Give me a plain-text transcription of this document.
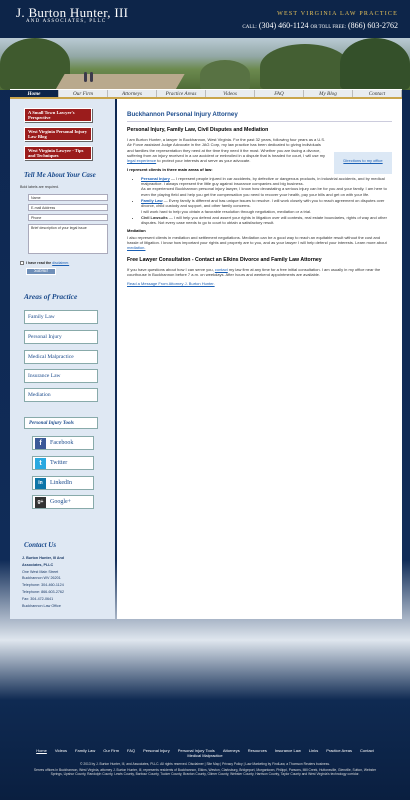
J. Burton Hunter, III
AND ASSOCIATES, PLLC
WEST VIRGINIA LAW PRACTICE
CALL: (304) 460-1124 OR TOLL FREE: (866) 603-2762
Home	Our Firm	Attorneys	Practice Areas	Videos	FAQ	My Blog	Contact
A Small Town Lawyer's Perspective
West Virginia Personal Injury Law Blog
West Virginia Lawyer - Tips and Techniques
Tell Me About Your Case
Bold labels are required.
Name
E-mail Address
Phone
Brief description of your legal issue
I have read the
disclaimer.
Submit
Areas of Practice
Family Law
Personal Injury
Medical Malpractice
Insurance Law
Mediation
Personal Injury Tools
f	Facebook
t	Twitter
in	LinkedIn
g+	Google+
Contact Us
J. Burton Hunter, III And
Associates, PLLC
One West Main Street
Buckhannon WV 26201
Telephone: 304-460-1124
Telephone: 866-603-2762
Fax: 304-472-0641
Buckhannon Law Office
Buckhannon Personal Injury Attorney
Personal Injury, Family Law, Civil Disputes and Mediation
Directions to my office

I am Burton Hunter, a lawyer in Buckhannon, West Virginia. For the past 32 years, following four years as a U.S. Air Force assistant Judge Advocate in the JAG Corp, my law practice has been dedicated to giving individuals and families the representation they need at the time they need it the most. Whether you are facing a divorce, suffering from an injury received in a car accident or embroiled in a dispute that is headed for court, I will use my legal experience to protect your interests and serve as your advocate.

I represent clients in three main areas of law:

• Personal Injury — I represent people injured in car accidents, by defective or dangerous products, in industrial accidents, and by medical malpractice. I always represent the little guy against insurance companies and big business.
As an experienced Buckhannon personal injury lawyer, I know how devastating a serious injury can be for you and your family. I am here to even the playing field and help you get the compensation you need to recover your health, pay your bills and get on with your life.
• Family Law — Every family is different and has unique issues to resolve. I will work closely with you to reach agreement on disputes over divorce, child custody and support, and other family concerns.
I will work hard to help you obtain a favorable resolution through negotiation, mediation or a trial.
• Civil Lawsuits — I will help you defend and assert your rights in litigation over will contests, real estate boundaries, rights of way and other disputes. Not every case needs to go to court to obtain a satisfactory result.

Mediation

I also represent clients in mediation and settlement negotiations. Mediation can be a good way to reach an equitable result without the cost and hassle of litigation. I know how important your rights and property are to you, and as your lawyer I will help defend your interests. Learn more about mediation.

Free Lawyer Consultation - Contact an Elkins Divorce and Family Law Attorney

If you have questions about how I can serve you, contact my law firm at any time for a free initial consultation. I am usually in my office near the courthouse in Buckhannon before 7 a.m. on weekdays. After hours and weekend appointments are available.

Read a Message From Attorney J. Burton Hunter.

Home Videos Family Law Our Firm FAQ Personal Injury Personal Injury Tools Attorneys Resources Insurance Law Links Practice Areas Contact
Medical Malpractice
© 2013 by J. Burton Hunter, III, and Associates, PLLC. All rights reserved. Disclaimer | Site Map | Privacy Policy | Law Marketing by FindLaw, a Thomson Reuters business.
Serves offices in Buckhannon, West Virginia, attorney J. Burton Hunter, III, represents residents of Buckhannon, Elkins, Weston, Clarksburg, Bridgeport, Morgantown, Philippi, Parsons, Mill Creek, Huttonsville, Glenville, Sutton, Webster Springs, Upshur County, Randolph County, Lewis County, Barbour County, Tucker County, Braxton County, Gilmer County, Webster County, Harrison County, Taylor County and West Virginia's technology corridor.
